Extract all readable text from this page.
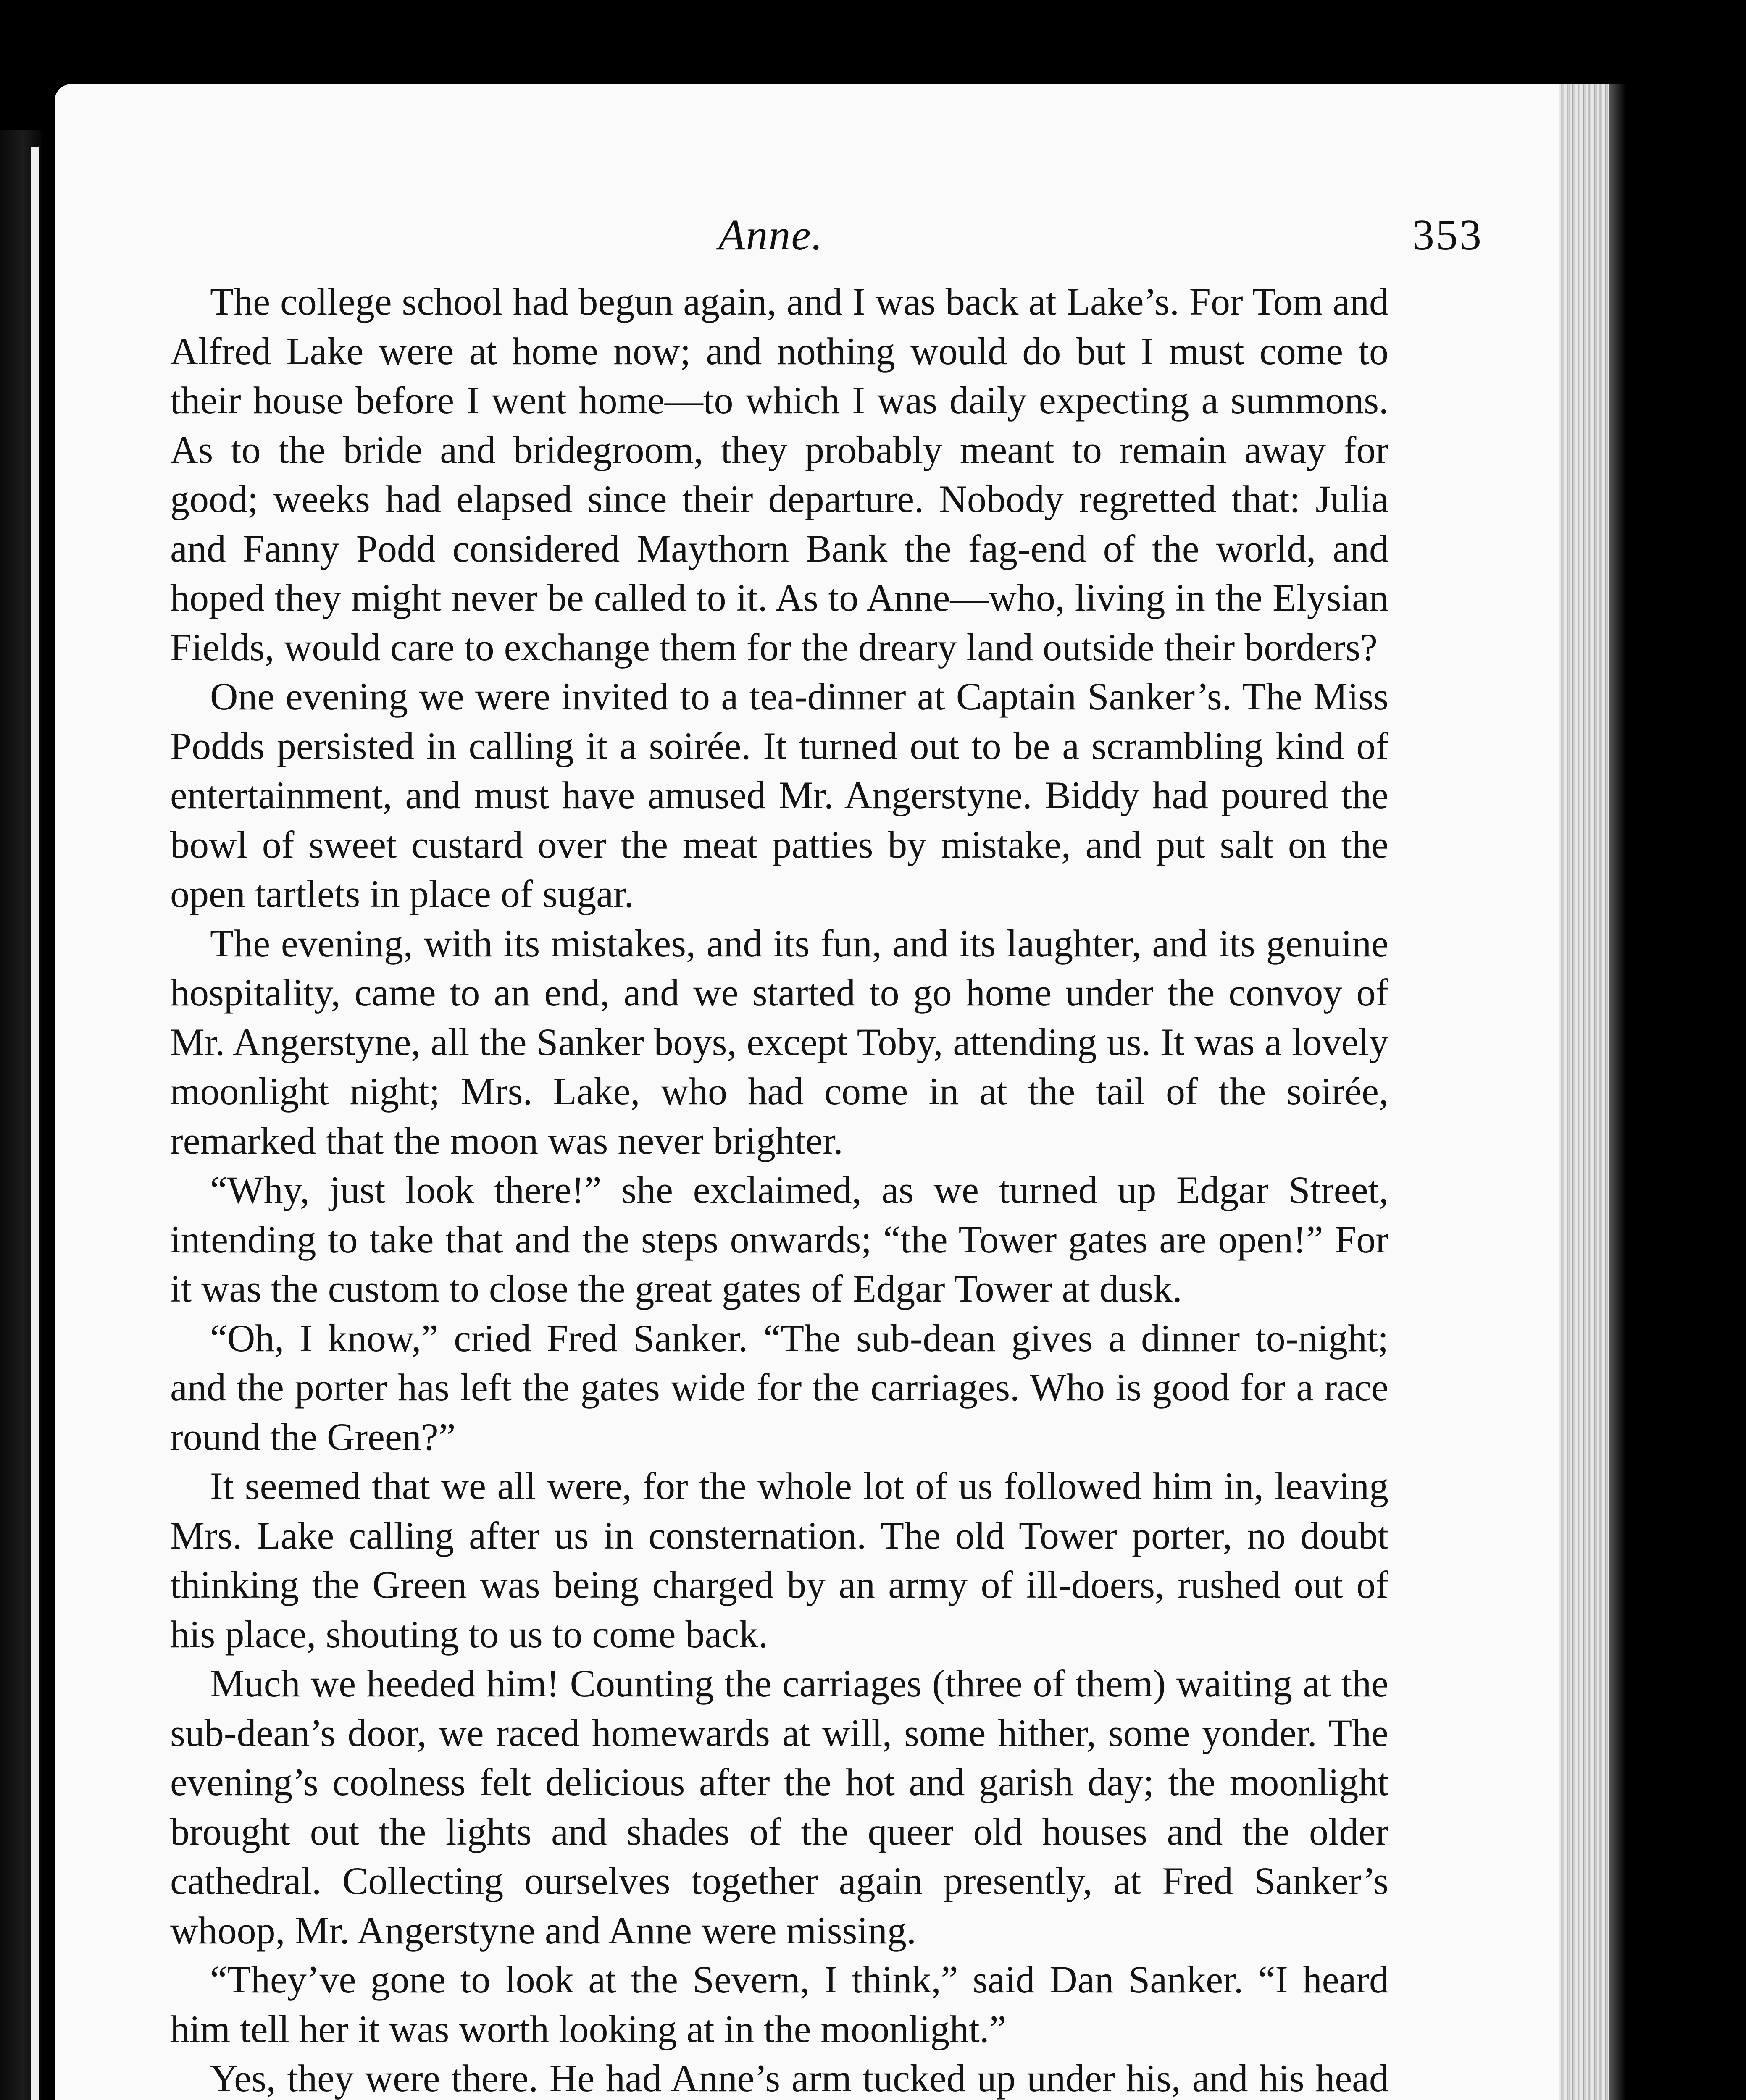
Anne.	353

The college school had begun again, and I was back at Lake’s. For Tom and Alfred Lake were at home now; and nothing would do but I must come to their house before I went home—to which I was daily expecting a summons. As to the bride and bridegroom, they probably meant to remain away for good; weeks had elapsed since their departure. Nobody regretted that: Julia and Fanny Podd considered Maythorn Bank the fag-end of the world, and hoped they might never be called to it. As to Anne—who, living in the Elysian Fields, would care to exchange them for the dreary land outside their borders?

One evening we were invited to a tea-dinner at Captain Sanker’s. The Miss Podds persisted in calling it a soirée. It turned out to be a scrambling kind of entertainment, and must have amused Mr. Angerstyne. Biddy had poured the bowl of sweet custard over the meat patties by mistake, and put salt on the open tartlets in place of sugar.

The evening, with its mistakes, and its fun, and its laughter, and its genuine hospitality, came to an end, and we started to go home under the convoy of Mr. Angerstyne, all the Sanker boys, except Toby, attending us. It was a lovely moonlight night; Mrs. Lake, who had come in at the tail of the soirée, remarked that the moon was never brighter.

“Why, just look there!” she exclaimed, as we turned up Edgar Street, intending to take that and the steps onwards; “the Tower gates are open!” For it was the custom to close the great gates of Edgar Tower at dusk.

“Oh, I know,” cried Fred Sanker. “The sub-dean gives a dinner to-night; and the porter has left the gates wide for the carriages. Who is good for a race round the Green?”

It seemed that we all were, for the whole lot of us followed him in, leaving Mrs. Lake calling after us in consternation. The old Tower porter, no doubt thinking the Green was being charged by an army of ill-doers, rushed out of his place, shouting to us to come back.

Much we heeded him! Counting the carriages (three of them) waiting at the sub-dean’s door, we raced homewards at will, some hither, some yonder. The evening’s coolness felt delicious after the hot and garish day; the moonlight brought out the lights and shades of the queer old houses and the older cathedral. Collecting ourselves together again presently, at Fred Sanker’s whoop, Mr. Angerstyne and Anne were missing.

“They’ve gone to look at the Severn, I think,” said Dan Sanker. “I heard him tell her it was worth looking at in the moonlight.”

Yes, they were there. He had Anne’s arm tucked up under his, and his head
